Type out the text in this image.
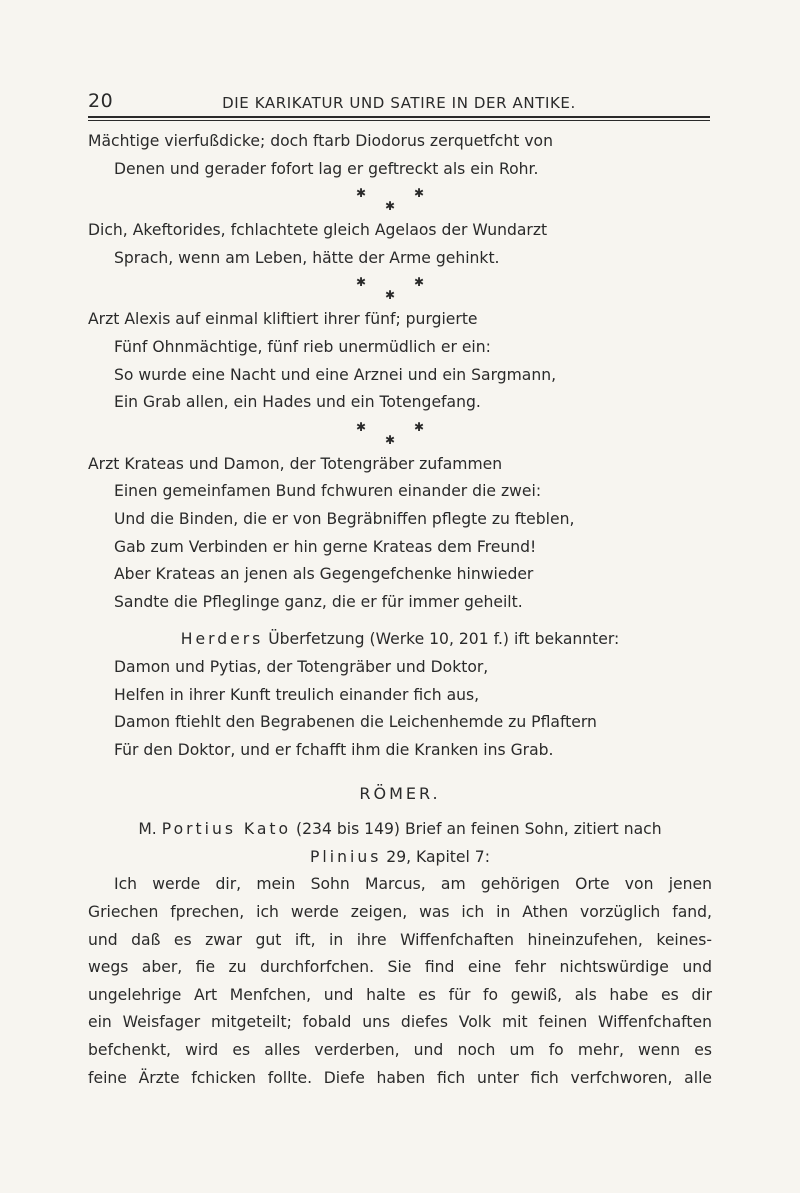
20	DIE KARIKATUR UND SATIRE IN DER ANTIKE.
Mächtige vierfußdicke; doch ftarb Diodorus zerquetfcht von
Denen und gerader fofort lag er geftreckt als ein Rohr.
✱	✱
✱
Dich, Akeftorides, fchlachtete gleich Agelaos der Wundarzt
Sprach, wenn am Leben, hätte der Arme gehinkt.
✱	✱
✱
Arzt Alexis auf einmal kliftiert ihrer fünf; purgierte
Fünf Ohnmächtige, fünf rieb unermüdlich er ein:
So wurde eine Nacht und eine Arznei und ein Sargmann,
Ein Grab allen, ein Hades und ein Totengefang.
✱	✱
✱
Arzt Krateas und Damon, der Totengräber zufammen
Einen gemeinfamen Bund fchwuren einander die zwei:
Und die Binden, die er von Begräbniffen pflegte zu fteblen,
Gab zum Verbinden er hin gerne Krateas dem Freund!
Aber Krateas an jenen als Gegengefchenke hinwieder
Sandte die Pfleglinge ganz, die er für immer geheilt.
Herders Überfetzung (Werke 10, 201 f.) ift bekannter:
Damon und Pytias, der Totengräber und Doktor,
Helfen in ihrer Kunft treulich einander fich aus,
Damon ftiehlt den Begrabenen die Leichenhemde zu Pflaftern
Für den Doktor, und er fchafft ihm die Kranken ins Grab.
RÖMER.
M. Portius Kato (234 bis 149) Brief an feinen Sohn, zitiert nach
Plinius 29, Kapitel 7:
Ich werde dir, mein Sohn Marcus, am gehörigen Orte von jenen
Griechen fprechen, ich werde zeigen, was ich in Athen vorzüglich fand,
und daß es zwar gut ift, in ihre Wiffenfchaften hineinzufehen, keines-
wegs aber, fie zu durchforfchen. Sie find eine fehr nichtswürdige und
ungelehrige Art Menfchen, und halte es für fo gewiß, als habe es dir
ein Weisfager mitgeteilt; fobald uns diefes Volk mit feinen Wiffenfchaften
befchenkt, wird es alles verderben, und noch um fo mehr, wenn es
feine Ärzte fchicken follte. Diefe haben fich unter fich verfchworen, alle
